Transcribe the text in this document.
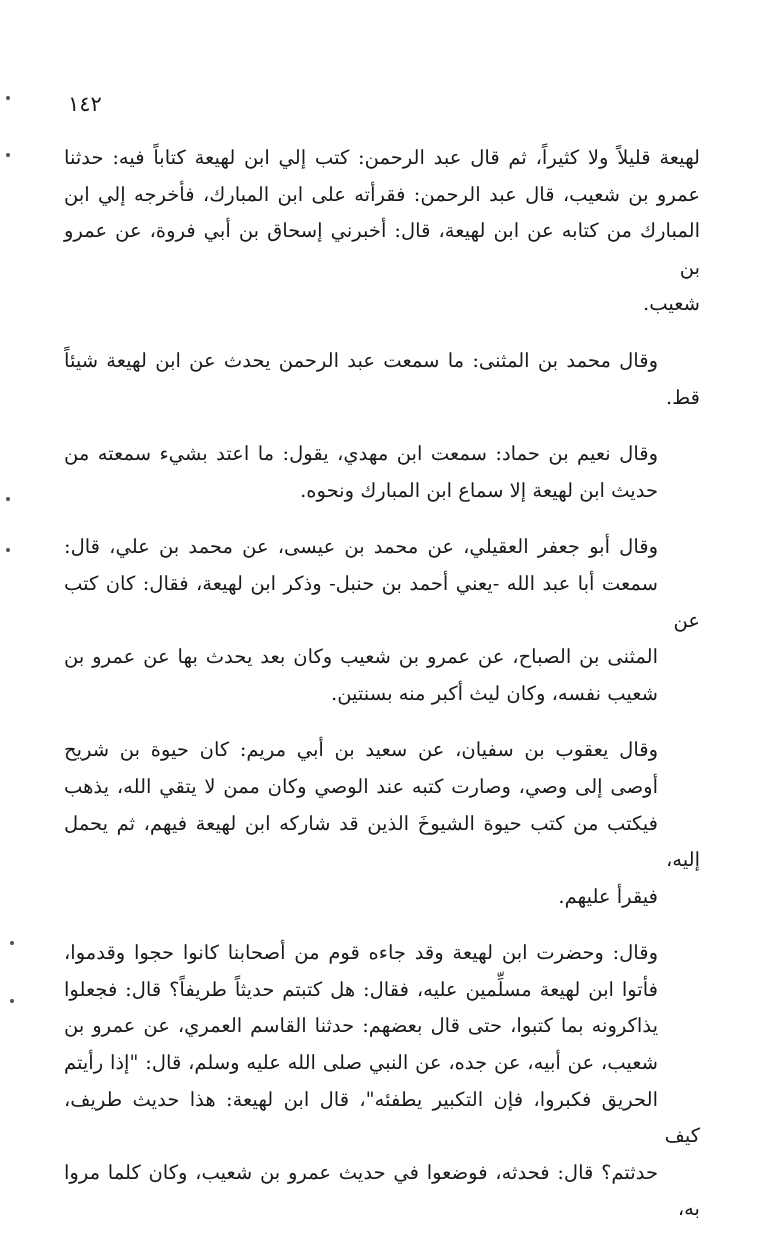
١٤٢
لهيعة قليلاً ولا كثيراً، ثم قال عبد الرحمن: كتب إلي ابن لهيعة كتاباً فيه: حدثنا
عمرو بن شعيب، قال عبد الرحمن: فقرأته على ابن المبارك، فأخرجه إلي ابن
المبارك من كتابه عن ابن لهيعة، قال: أخبرني إسحاق بن أبي فروة، عن عمرو بن
شعيب.
وقال محمد بن المثنى: ما سمعت عبد الرحمن يحدث عن ابن لهيعة شيئاً قط.
وقال نعيم بن حماد: سمعت ابن مهدي، يقول: ما اعتد بشيء سمعته من
حديث ابن لهيعة إلا سماع ابن المبارك ونحوه.
وقال أبو جعفر العقيلي، عن محمد بن عيسى، عن محمد بن علي، قال:
سمعت أبا عبد الله -يعني أحمد بن حنبل- وذكر ابن لهيعة، فقال: كان كتب عن
المثنى بن الصباح، عن عمرو بن شعيب وكان بعد يحدث بها عن عمرو بن
شعيب نفسه، وكان ليث أكبر منه بسنتين.
وقال يعقوب بن سفيان، عن سعيد بن أبي مريم: كان حيوة بن شريح
أوصى إلى وصي، وصارت كتبه عند الوصي وكان ممن لا يتقي الله، يذهب
فيكتب من كتب حيوة الشيوخَ الذين قد شاركه ابن لهيعة فيهم، ثم يحمل إليه،
فيقرأ عليهم.
وقال: وحضرت ابن لهيعة وقد جاءه قوم من أصحابنا كانوا حجوا وقدموا،
فأتوا ابن لهيعة مسلِّمين عليه، فقال: هل كتبتم حديثاً طريفاً؟ قال: فجعلوا
يذاكرونه بما كتبوا، حتى قال بعضهم: حدثنا القاسم العمري، عن عمرو بن
شعيب، عن أبيه، عن جده، عن النبي صلى الله عليه وسلم، قال: "إذا رأيتم
الحريق فكبروا، فإن التكبير يطفئه"، قال ابن لهيعة: هذا حديث طريف، كيف
حدثتم؟ قال: فحدثه، فوضعوا في حديث عمرو بن شعيب، وكان كلما مروا به،
